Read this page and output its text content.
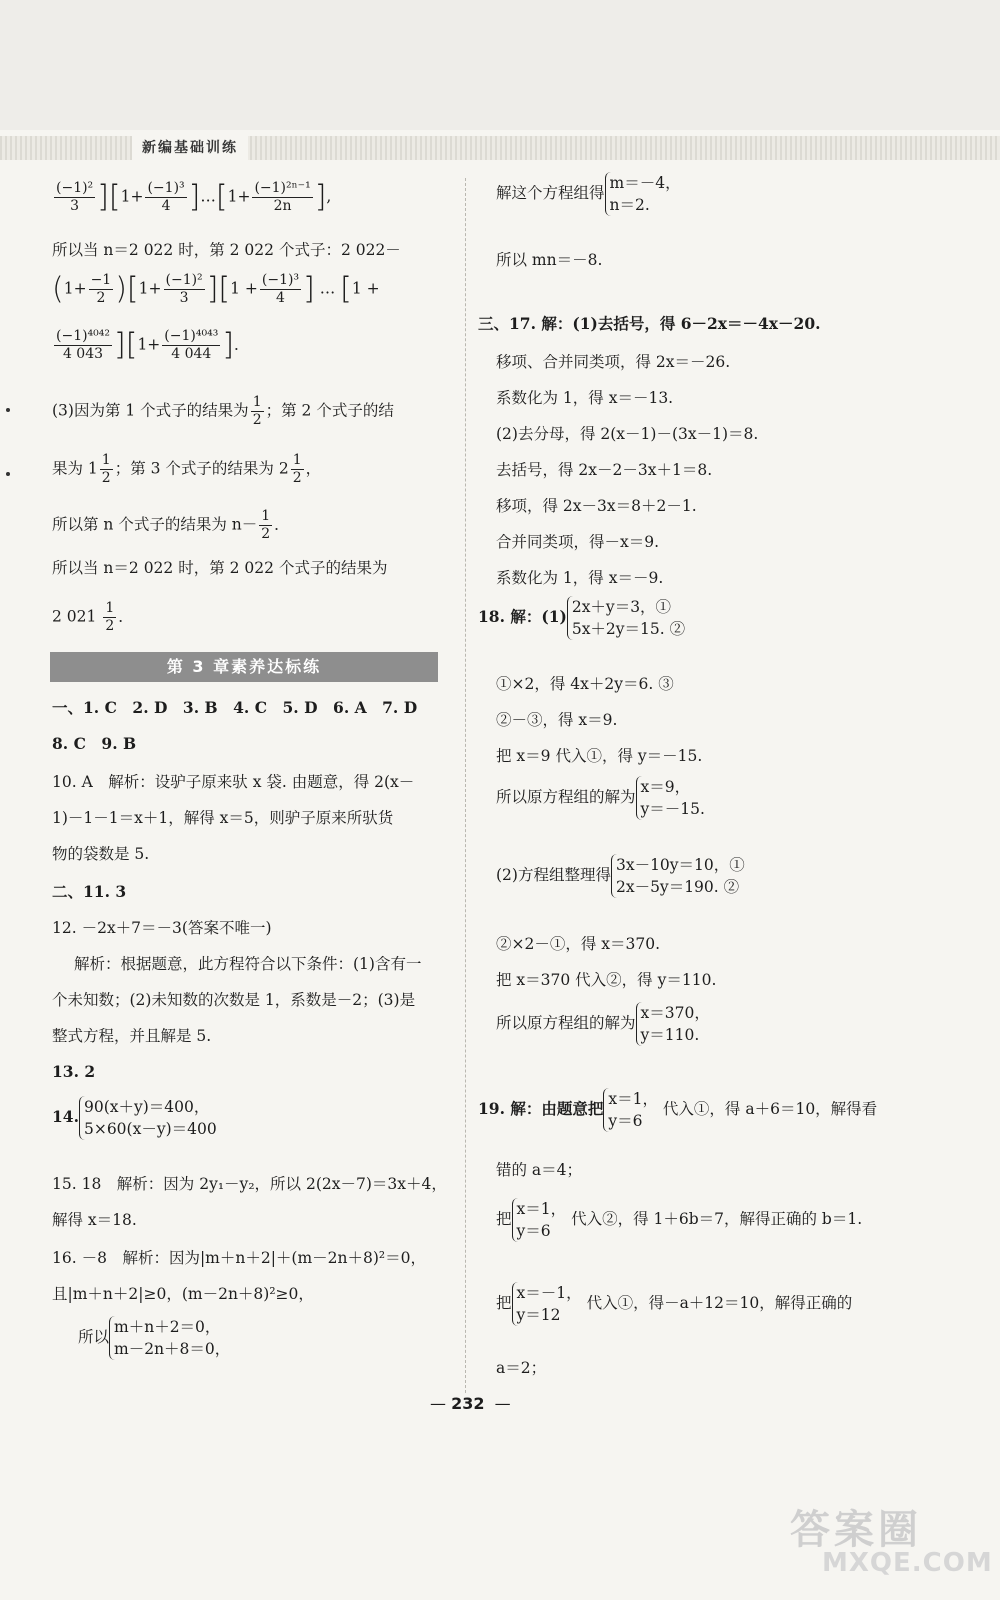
新编基础训练
$\frac{\text{(−1)²}}{3} ][1+ \frac{\text{(−1)³}}{4}$ ]…[1+ $\frac{\text{(−1)²ⁿ⁻¹}}{2n}$ ],
所以当 n＝2 022 时，第 2 022 个式子：2 022－
$(1+ \frac{-1}{2} )[1+ \frac{\text{(−1)²}}{3} ][1 + \frac{\text{(−1)³}}{4}$ ] … [1 +
$\frac{\text{(−1)⁴⁰⁴²}}{4 043} ][1+ \frac{\text{(−1)⁴⁰⁴³}}{4 044}$ ]．
(3)因为第 1 个式子的结果为 $\frac{1}{2}$ ；第 2 个式子的结
果为 $1 \frac{1}{2}$ ；第 3 个式子的结果为 $2 \frac{1}{2}$ ，
所以第 n 个式子的结果为 $n- \frac{1}{2}$ ．
所以当 n＝2 022 时，第 2 022 个式子的结果为
2 $021 \frac{1}{2}$ ．
第 3 章素养达标练
一、1. C　2. D　3. B　4. C　5. D　6. A　7. D
8. C　9. B
10. A　解析：设驴子原来驮 x 袋. 由题意，得 2(x－
1)－1－1＝x＋1，解得 x＝5，则驴子原来所驮货
物的袋数是 5.
二、11. 3
12. －2x＋7＝－3(答案不唯一)
解析：根据题意，此方程符合以下条件：(1)含有一
个未知数；(2)未知数的次数是 1，系数是－2；(3)是
整式方程，并且解是 5.
13. 2
14. 90(x＋y)＝400，
5×60(x－y)＝400
15. 18　解析：因为 2y₁－y₂，所以 2(2x－7)＝3x＋4，
解得 x＝18.
16. －8　解析：因为|m＋n＋2|＋(m－2n＋8)²＝0，
且|m＋n＋2|≥0，(m－2n＋8)²≥0，
所以
m＋n＋2＝0，
m－2n＋8＝0，
解这个方程组得
m＝－4，
n＝2.
所以 mn＝－8.
三、17. 解：(1)去括号，得 6－2x＝－4x－20.
移项、合并同类项，得 2x＝－26.
系数化为 1，得 x＝－13.
(2)去分母，得 2(x－1)－(3x－1)＝8.
去括号，得 2x－2－3x＋1＝8.
移项，得 2x－3x＝8＋2－1.
合并同类项，得－x＝9.
系数化为 1，得 x＝－9.
18. 解：(1) 2x＋y＝3，①
5x＋2y＝15. ②
①×2，得 4x＋2y＝6. ③
②－③，得 x＝9.
把 x＝9 代入①，得 y＝－15.
所以原方程组的解为
x＝9，
y＝－15.
(2)方程组整理得
3x－10y＝10，①
2x－5y＝190. ②
②×2－①，得 x＝370.
把 x＝370 代入②，得 y＝110.
所以原方程组的解为
x＝370，
y＝110.
19. 解：由题意把 x＝1，
y＝6
代入①，得 a＋6＝10，解得看
错的 a＝4；
把
x＝1，
y＝6
代入②，得 1＋6b＝7，解得正确的 b＝1.
把
x＝－1，
y＝12
代入①，得－a＋12＝10，解得正确的
a＝2；
— 232 —
答案圈
MXQE.COM
